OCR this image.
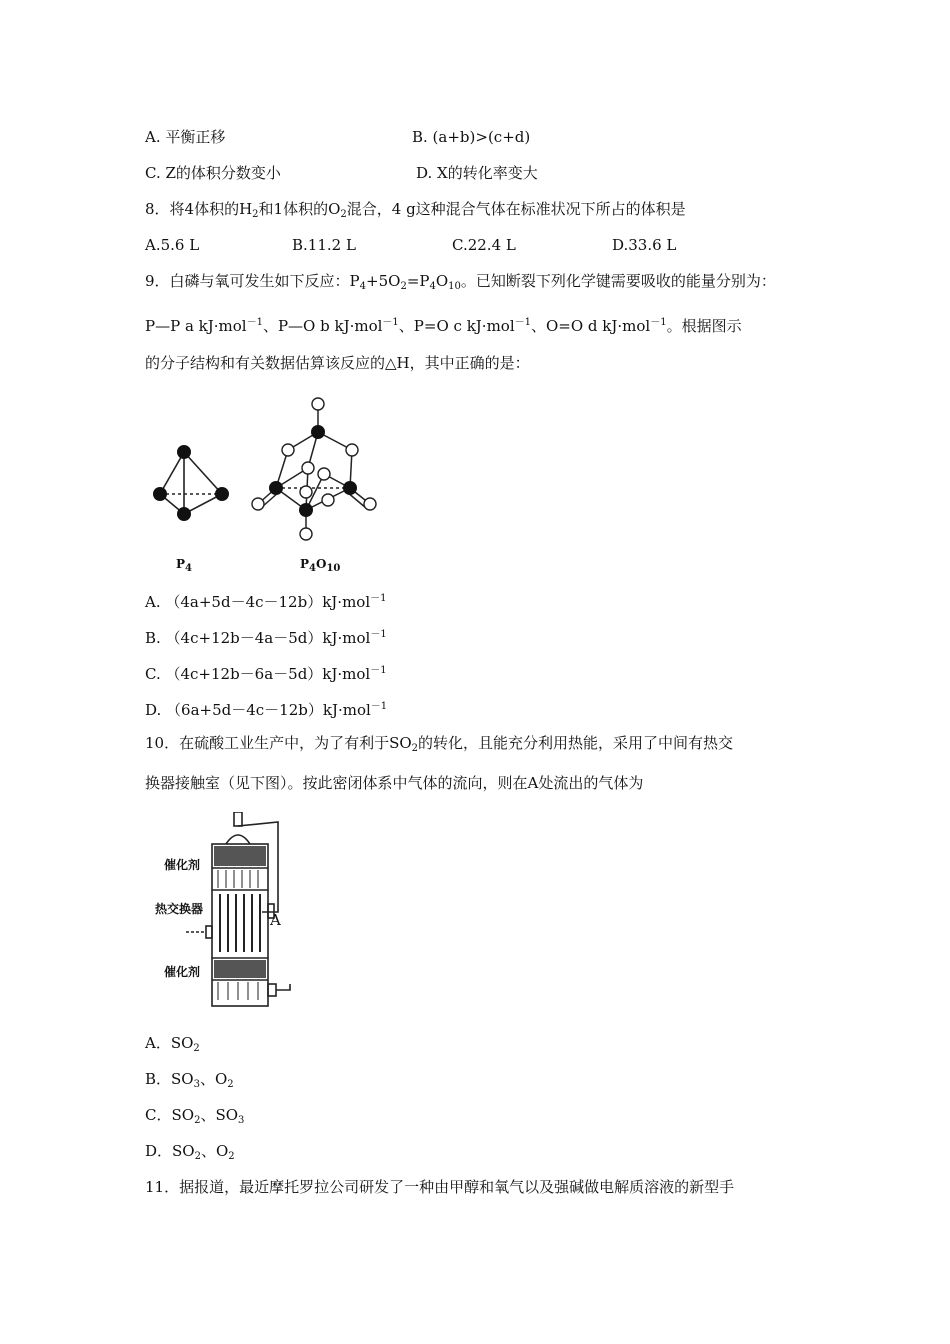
A. 平衡正移	B. (a+b)>(c+d)
C. Z的体积分数变小	D. X的转化率变大
8．将4体积的$H_2$和1体积的$O_2$混合，4 g这种混合气体在标准状况下所占的体积是
A.5.6 L	B.11.2 L	C.22.4 L	D.33.6 L
9．白磷与氧可发生如下反应：$P_4+5O_2=P_4O_{10}$。已知断裂下列化学键需要吸收的能量分别为：
P—P a kJ·mol$^{-1}$、P—O b kJ·mol$^{-1}$、P=O c kJ·mol$^{-1}$、O=O d kJ·mol$^{-1}$。根据图示
的分子结构和有关数据估算该反应的△H，其中正确的是：
$P_4$	$P_4O_{10}$
A. （4a+5d－4c－12b）kJ·mol$^{-1}$
B. （4c+12b－4a－5d）kJ·mol$^{-1}$
C. （4c+12b－6a－5d）kJ·mol$^{-1}$
D. （6a+5d－4c－12b）kJ·mol$^{-1}$
10．在硫酸工业生产中，为了有利于$SO_2$的转化，且能充分利用热能，采用了中间有热交
换器接触室（见下图）。按此密闭体系中气体的流向，则在A处流出的气体为
催化剂
热交换器
催化剂
A
A．$SO_2$
B．$SO_3$、$O_2$
C．$SO_2$、$SO_3$
D．$SO_2$、$O_2$
11．据报道，最近摩托罗拉公司研发了一种由甲醇和氧气以及强碱做电解质溶液的新型手
